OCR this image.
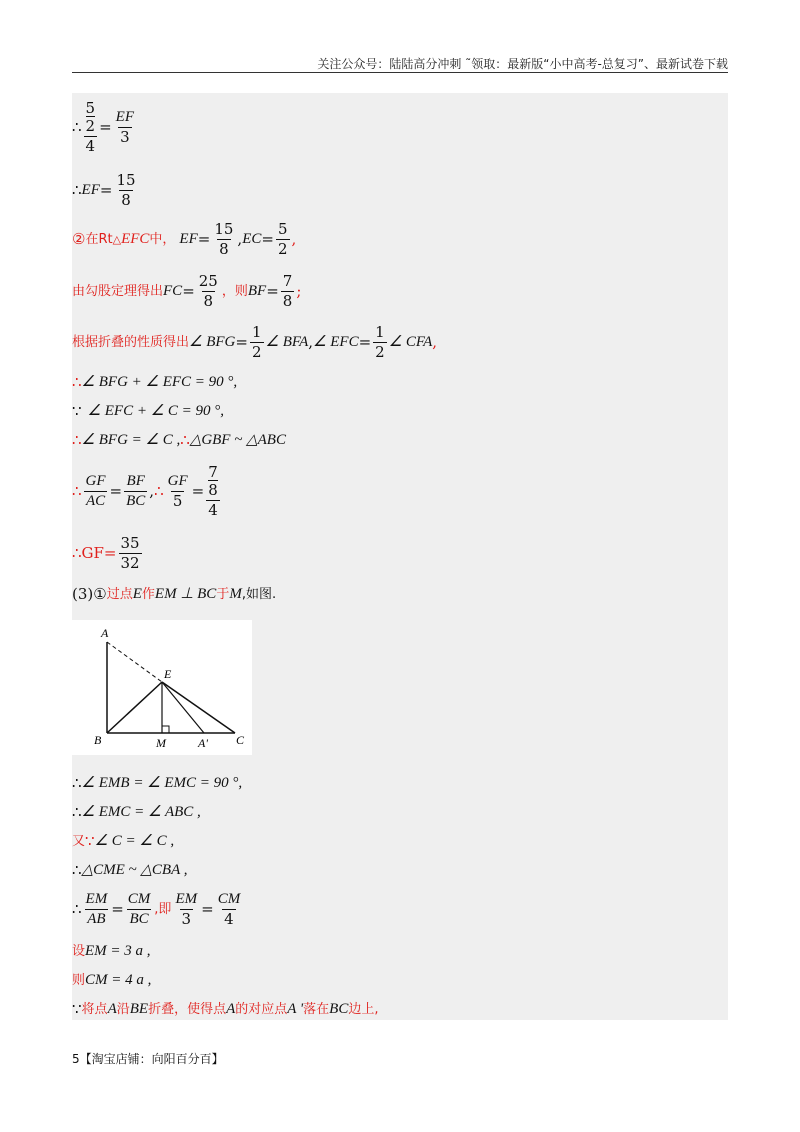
关注公众号：陆陆高分冲刺 ˜领取：最新版“小中高考-总复习”、最新试卷下载
∴ $\frac{\frac{5}{2}}{4} = \frac{EF}{3}$
∴ EF = $\frac{15}{8}$
② 在Rt △ EFC 中， EF = $\frac{15}{8}$ , EC = $\frac{5}{2}$ ,
由勾股定理得出 FC = $\frac{25}{8}$ ，则 BF = $\frac{7}{8}$ ;
根据折叠的性质得出 ∠ BFG = $\frac{1}{2}$ ∠ BFA , ∠ EFC = $\frac{1}{2}$ ∠ CFA ,
∴ ∠ BFG + ∠ EFC = 90 °,
∵ ∠ EFC + ∠ C = 90 °,
∴ ∠ BFG = ∠ C , ∴ △GBF ~ △ABC
∴ $\frac{GF}{AC} = \frac{BF}{BC}$ , ∴ $\frac{GF}{5} = \frac{\frac{7}{8}}{4}$
∴ $GF= \frac{35}{32}$
(3) ① 过点 E 作 EM ⊥ BC 于 M ,如图.
A
E
B	M	A' C
∴ ∠ EMB = ∠ EMC = 90 °,
∴ ∠ EMC = ∠ ABC ,
又 ∵ ∠ C = ∠ C ,
∴ △CME ~ △CBA ,
∴ $\frac{EM}{AB} = \frac{CM}{BC}$ ,即 $\frac{EM}{3} = \frac{CM}{4}$
设 EM = 3 a ,
则 CM = 4 a ,
∵ 将点 A 沿 BE 折叠，使得点 A 的对应点 A ' 落在 BC 边上,
5【淘宝店铺：向阳百分百】
